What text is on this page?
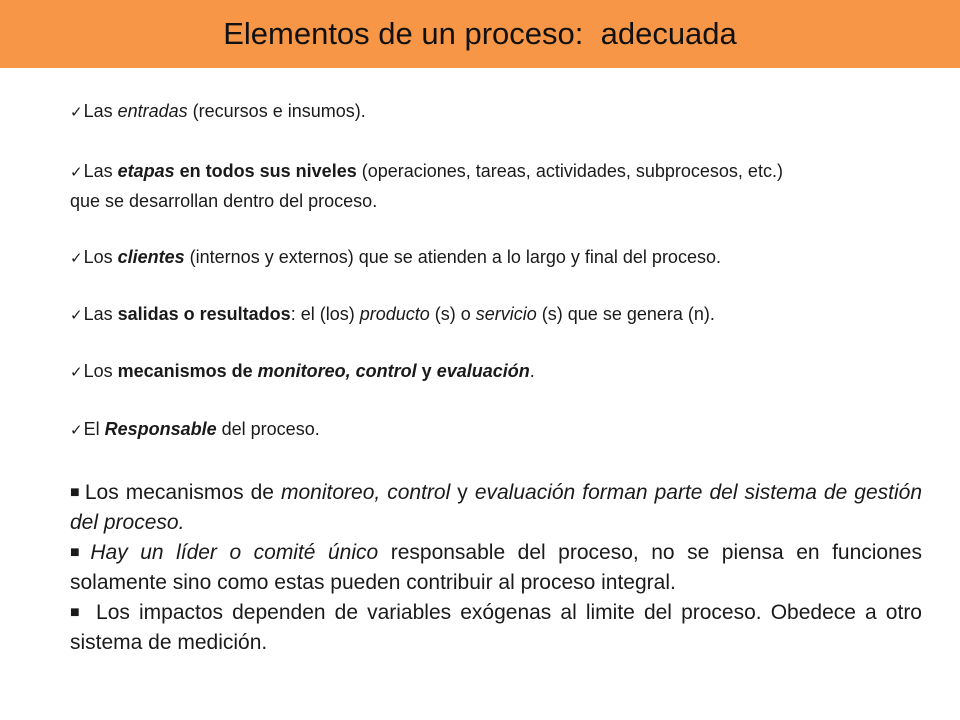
Elementos de un proceso:  adecuada
✓Las entradas (recursos e insumos).
✓Las etapas en todos sus niveles (operaciones, tareas, actividades, subprocesos, etc.)
que se desarrollan dentro del proceso.
✓Los clientes (internos y externos) que se atienden a lo largo y final del proceso.
✓Las salidas o resultados: el (los) producto (s) o servicio (s) que se genera (n).
✓Los mecanismos de monitoreo, control y evaluación.
✓El Responsable del proceso.

■ Los mecanismos de monitoreo, control y evaluación forman parte del sistema de gestión del proceso.

■ Hay un líder o comité único responsable del proceso, no se piensa en funciones solamente sino como estas pueden contribuir al proceso integral.

■ Los impactos dependen de variables exógenas al limite del proceso. Obedece a otro sistema de medición.
